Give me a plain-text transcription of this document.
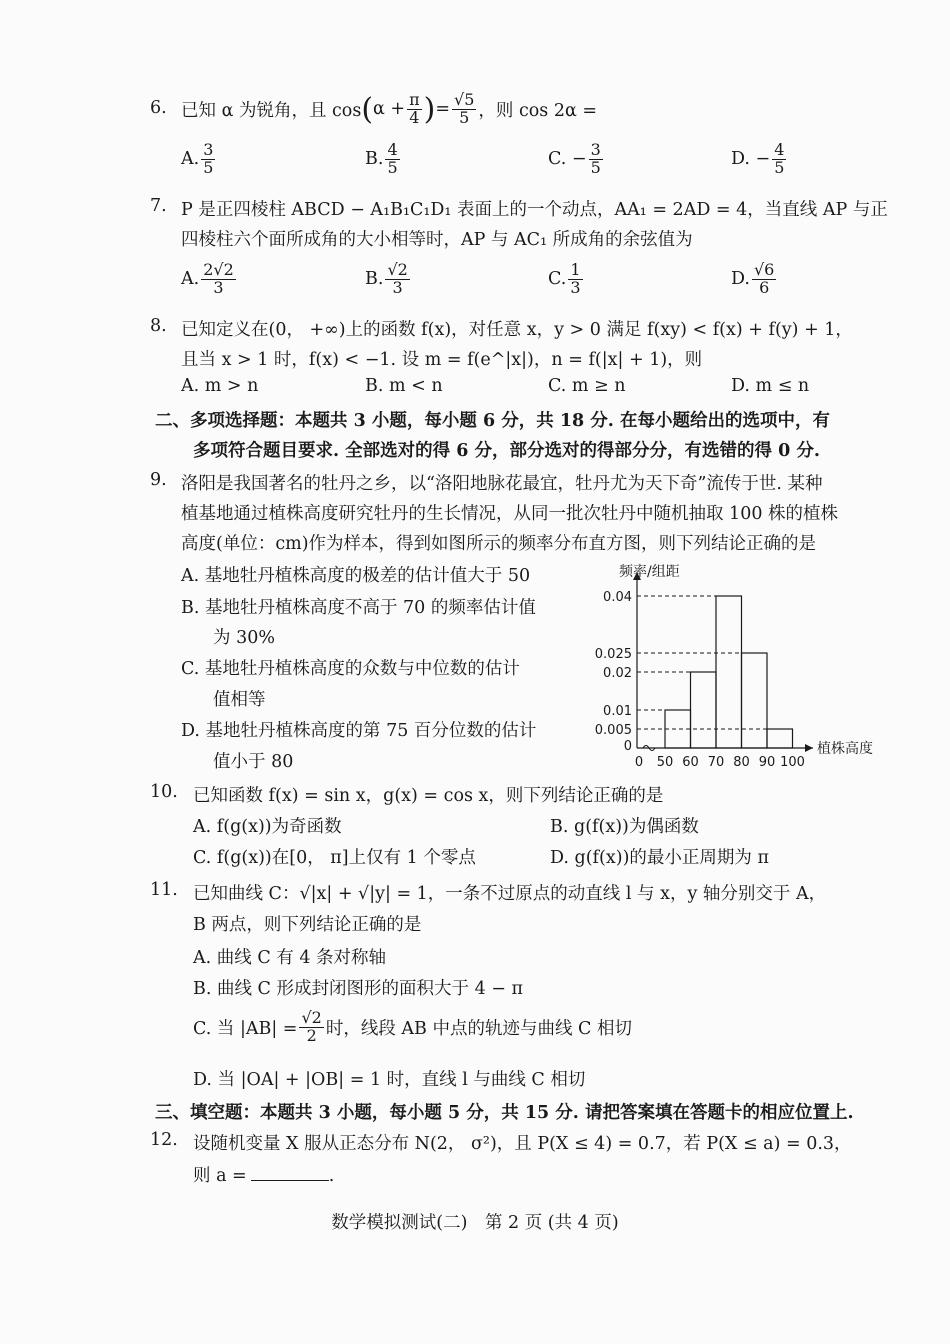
6. 已知 α 为锐角，且 cos ( $\alpha + \frac{\pi}{4}$ ) = $\frac{√5}{5}$ ，则 cos 2α =
A. $\frac{3}{5}$	B. $\frac{4}{5}$	C. − $\frac{3}{5}$	D. − $\frac{4}{5}$
7. P 是正四棱柱 ABCD − A₁B₁C₁D₁ 表面上的一个动点，AA₁ = 2AD = 4，当直线 AP 与正
四棱柱六个面所成角的大小相等时，AP 与 AC₁ 所成角的余弦值为
A. $\frac{2√2}{3}$	B. $\frac{√2}{3}$	C. $\frac{1}{3}$	D. $\frac{√6}{6}$
8. 已知定义在(0， +∞)上的函数 f(x)，对任意 x，y > 0 满足 f(xy) < f(x) + f(y) + 1，
且当 x > 1 时，f(x) < −1. 设 m = f(e^|x|)，n = f(|x| + 1)，则
A. m > n	B. m < n	C. m ≥ n	D. m ≤ n
二、多项选择题：本题共 3 小题，每小题 6 分，共 18 分. 在每小题给出的选项中，有
多项符合题目要求. 全部选对的得 6 分，部分选对的得部分分，有选错的得 0 分.
9. 洛阳是我国著名的牡丹之乡，以“洛阳地脉花最宜，牡丹尤为天下奇”流传于世. 某种
植基地通过植株高度研究牡丹的生长情况，从同一批次牡丹中随机抽取 100 株的植株
高度(单位：cm)作为样本，得到如图所示的频率分布直方图，则下列结论正确的是
A. 基地牡丹植株高度的极差的估计值大于 50
B. 基地牡丹植株高度不高于 70 的频率估计值
为 30%
C. 基地牡丹植株高度的众数与中位数的估计
值相等
D. 基地牡丹植株高度的第 75 百分位数的估计
值小于 80
0.04
0.025
0.02
0.01
0.005
0
0 50 60 70 80 90 100
频率/组距
植株高度
10. 已知函数 f(x) = sin x，g(x) = cos x，则下列结论正确的是
A. f(g(x))为奇函数	B. g(f(x))为偶函数
C. f(g(x))在[0， π]上仅有 1 个零点	D. g(f(x))的最小正周期为 π
11. 已知曲线 C：√|x| + √|y| = 1，一条不过原点的动直线 l 与 x，y 轴分别交于 A，
B 两点，则下列结论正确的是
A. 曲线 C 有 4 条对称轴
B. 曲线 C 形成封闭图形的面积大于 4 − π
C. 当 $|AB| = \frac{√2}{2}$ 时，线段 AB 中点的轨迹与曲线 C 相切
D. 当 |OA| + |OB| = 1 时，直线 l 与曲线 C 相切
三、填空题：本题共 3 小题，每小题 5 分，共 15 分. 请把答案填在答题卡的相应位置上.
12. 设随机变量 X 服从正态分布 N(2， σ²)，且 P(X ≤ 4) = 0.7，若 P(X ≤ a) = 0.3，
则 a =	.
数学模拟测试(二)　第 2 页 (共 4 页)
